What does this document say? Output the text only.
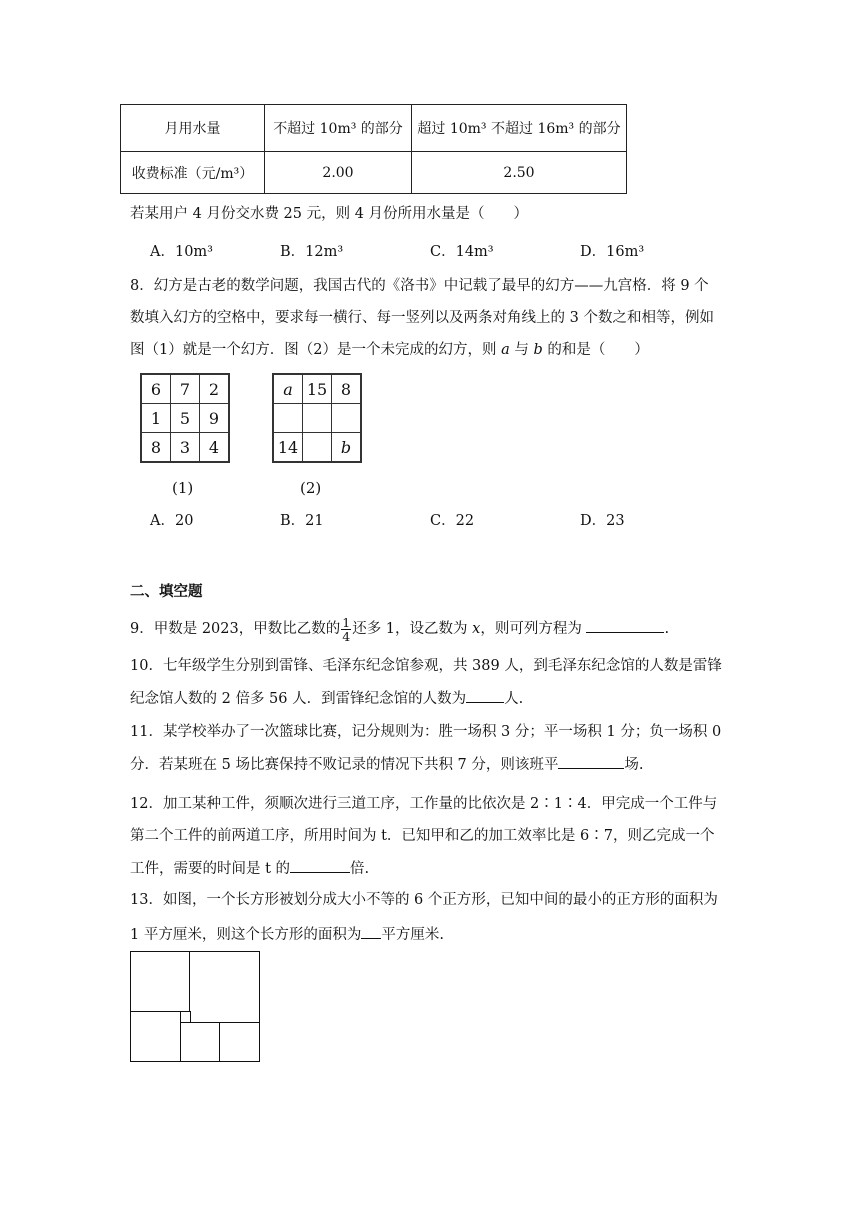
月用水量	不超过 10m³ 的部分	超过 10m³ 不超过 16m³ 的部分
收费标准（元/m³）	2.00	2.50
若某用户 4 月份交水费 25 元，则 4 月份所用水量是（　　）
A．10m³	B．12m³	C．14m³	D．16m³
8．幻方是古老的数学问题，我国古代的《洛书》中记载了最早的幻方——九宫格．将 9 个
数填入幻方的空格中，要求每一横行、每一竖列以及两条对角线上的 3 个数之和相等，例如
图（1）就是一个幻方．图（2）是一个未完成的幻方，则 a 与 b 的和是（　　）
6	7	2
1	5	9
8	3	4
(1)
a	15	8

14		b
(2)
A．20	B．21	C．22	D．23
二、填空题
9．甲数是 2023，甲数比乙数的 $\frac{1}{4}$ 还多 1，设乙数为 x，则可列方程为	.
10．七年级学生分别到雷锋、毛泽东纪念馆参观，共 389 人，到毛泽东纪念馆的人数是雷锋
纪念馆人数的 2 倍多 56 人．到雷锋纪念馆的人数为	人.
11．某学校举办了一次篮球比赛，记分规则为：胜一场积 3 分；平一场积 1 分；负一场积 0
分．若某班在 5 场比赛保持不败记录的情况下共积 7 分，则该班平	场.
12．加工某种工件，须顺次进行三道工序，工作量的比依次是 2∶1∶4．甲完成一个工件与
第二个工件的前两道工序，所用时间为 t．已知甲和乙的加工效率比是 6∶7，则乙完成一个
工件，需要的时间是 t 的	倍.
13．如图，一个长方形被划分成大小不等的 6 个正方形，已知中间的最小的正方形的面积为
1 平方厘米，则这个长方形的面积为 平方厘米.
